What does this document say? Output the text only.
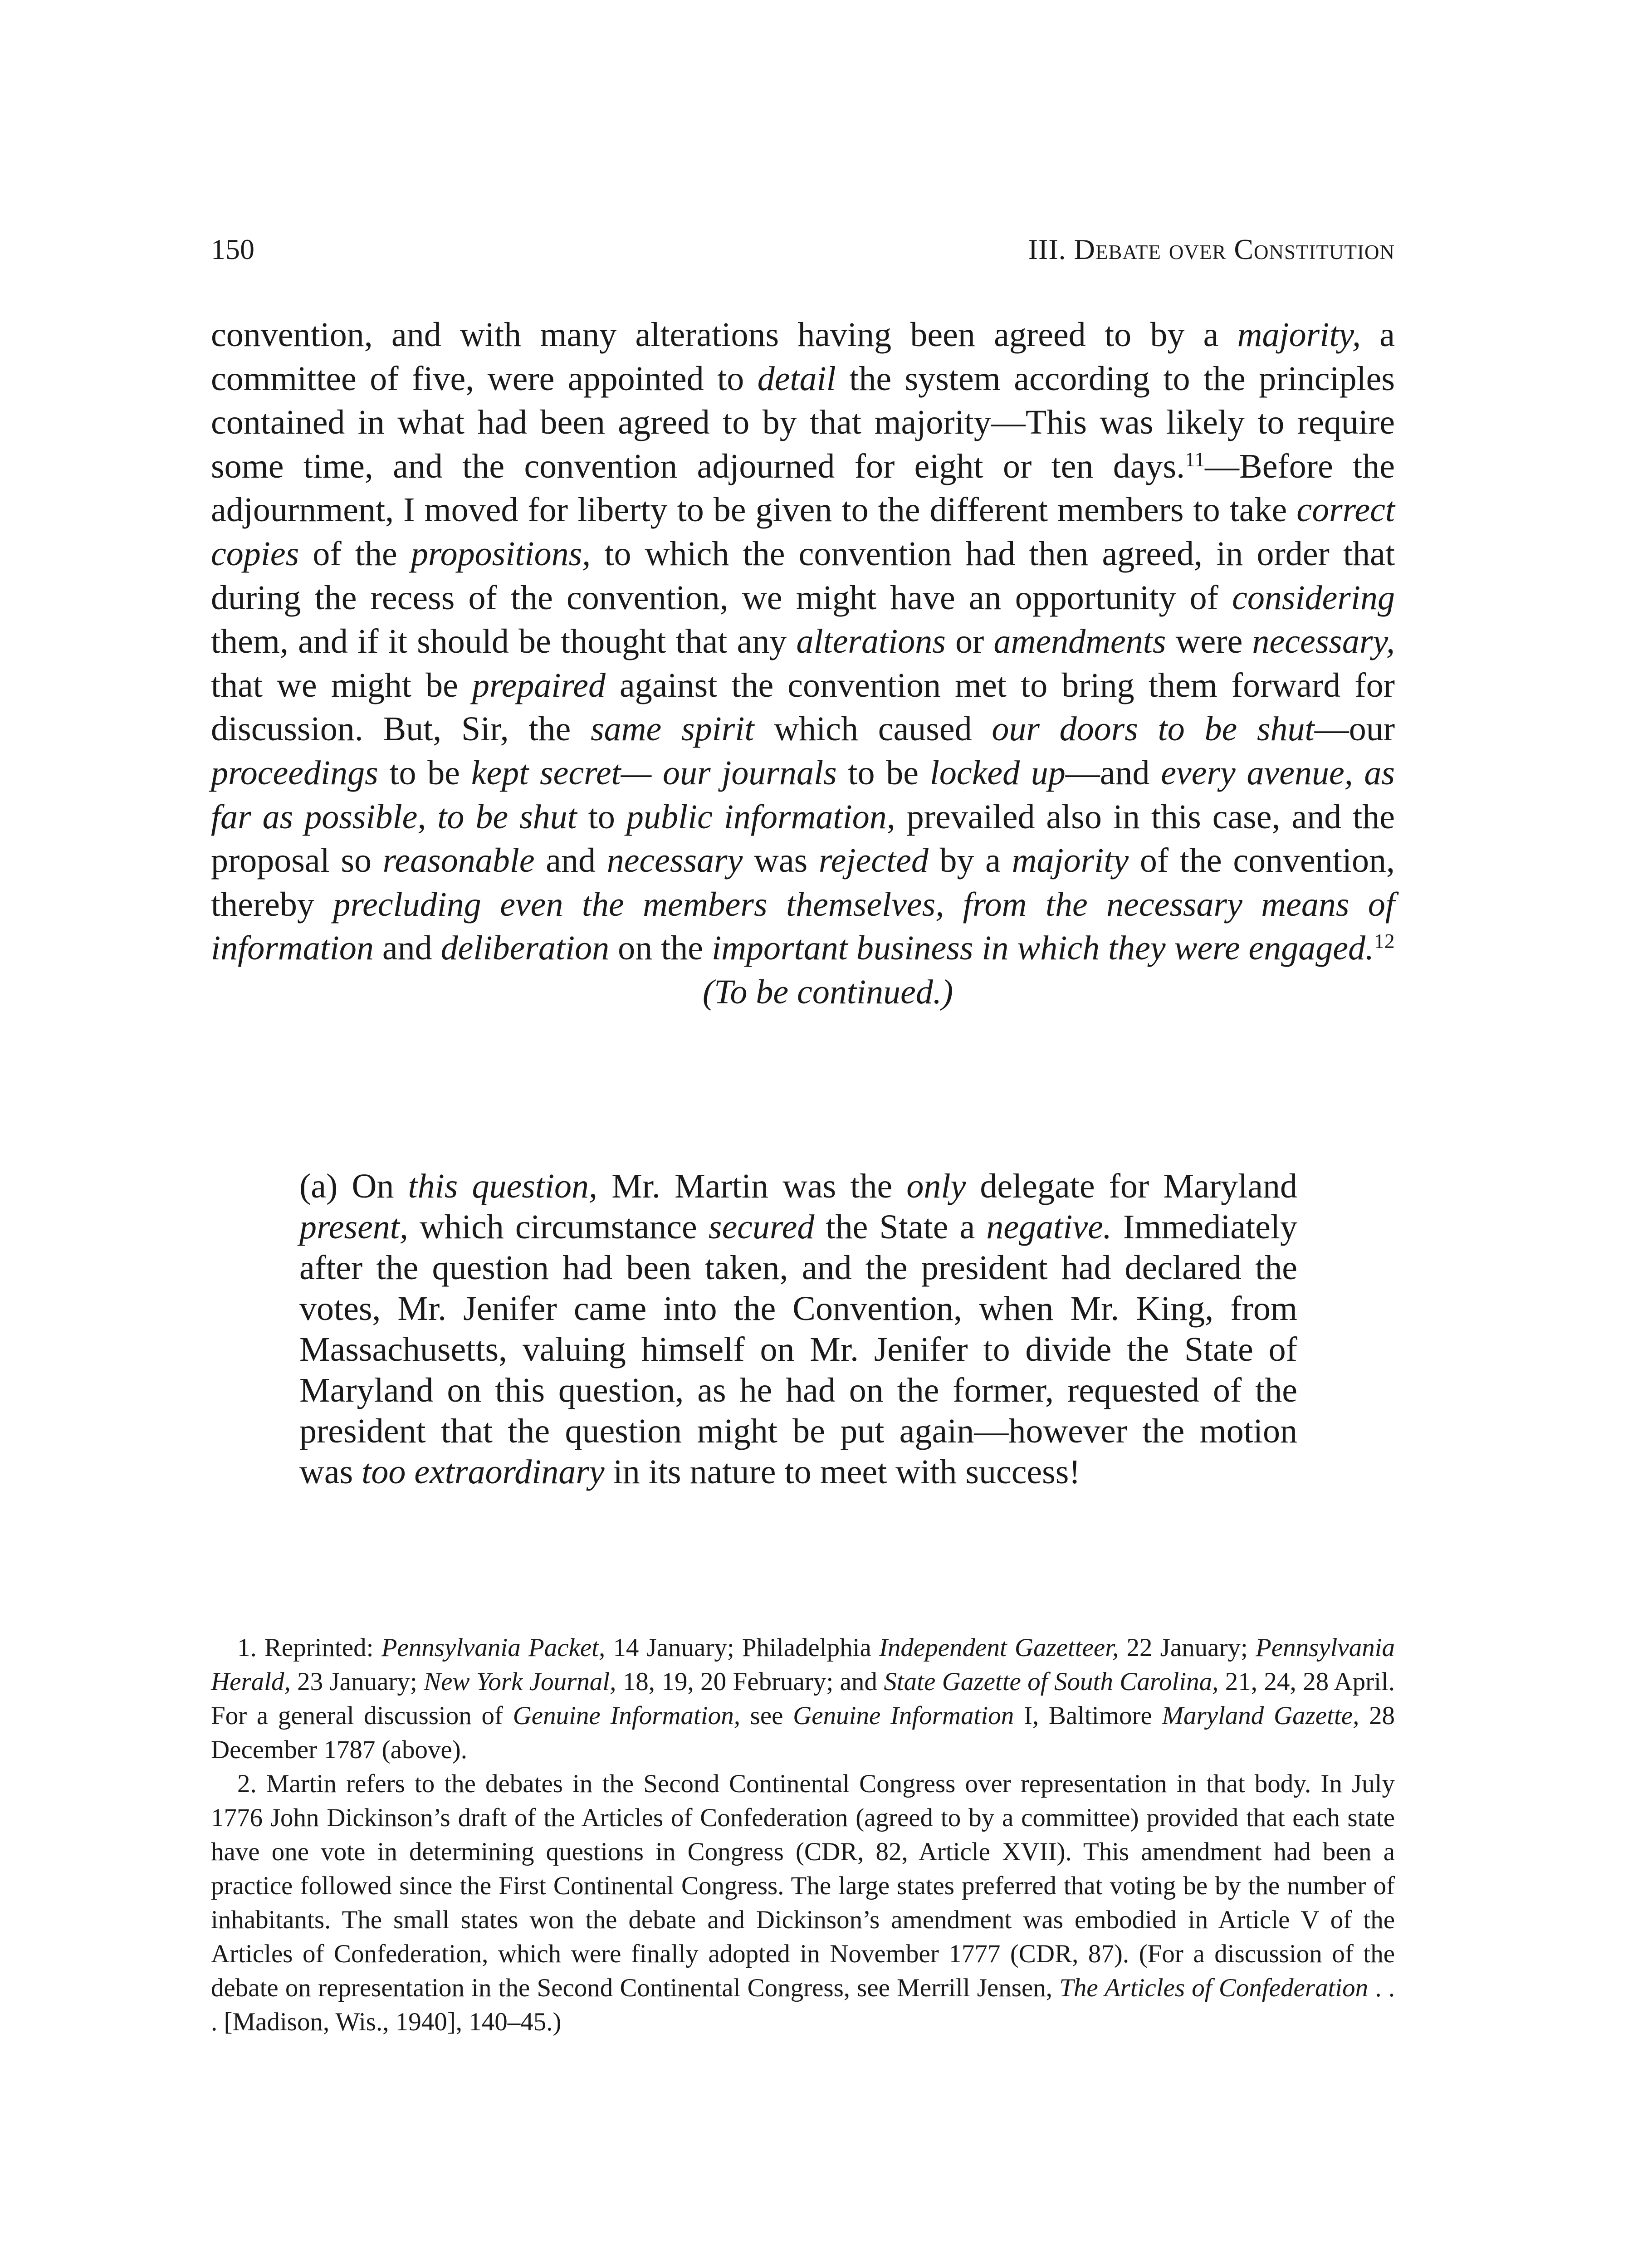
150	III. Debate over Constitution

convention, and with many alterations having been agreed to by a majority, a committee of five, were appointed to detail the system according to the principles contained in what had been agreed to by that majority—This was likely to require some time, and the convention adjourned for eight or ten days.$^{11}$—Before the adjournment, I moved for liberty to be given to the different members to take correct copies of the propositions, to which the convention had then agreed, in order that during the recess of the convention, we might have an opportunity of considering them, and if it should be thought that any alterations or amendments were necessary, that we might be prepaired against the convention met to bring them forward for discussion. But, Sir, the same spirit which caused our doors to be shut—our proceedings to be kept secret— our journals to be locked up—and every avenue, as far as possible, to be shut to public information, prevailed also in this case, and the proposal so reasonable and necessary was rejected by a majority of the convention, thereby precluding even the members themselves, from the necessary means of information and deliberation on the important business in which they were engaged.$^{12}$

(To be continued.)

(a) On this question, Mr. Martin was the only delegate for Maryland present, which circumstance secured the State a negative. Immediately after the question had been taken, and the president had declared the votes, Mr. Jenifer came into the Convention, when Mr. King, from Massachusetts, valuing himself on Mr. Jenifer to divide the State of Maryland on this question, as he had on the former, requested of the president that the question might be put again—however the motion was too extraordinary in its nature to meet with success!

1. Reprinted: Pennsylvania Packet, 14 January; Philadelphia Independent Gazetteer, 22 January; Pennsylvania Herald, 23 January; New York Journal, 18, 19, 20 February; and State Gazette of South Carolina, 21, 24, 28 April. For a general discussion of Genuine Information, see Genuine Information I, Baltimore Maryland Gazette, 28 December 1787 (above).

2. Martin refers to the debates in the Second Continental Congress over representation in that body. In July 1776 John Dickinson’s draft of the Articles of Confederation (agreed to by a committee) provided that each state have one vote in determining questions in Congress (CDR, 82, Article XVII). This amendment had been a practice followed since the First Continental Congress. The large states preferred that voting be by the number of inhabitants. The small states won the debate and Dickinson’s amendment was embodied in Article V of the Articles of Confederation, which were finally adopted in November 1777 (CDR, 87). (For a discussion of the debate on representation in the Second Continental Congress, see Merrill Jensen, The Articles of Confederation . . . [Madison, Wis., 1940], 140–45.)
